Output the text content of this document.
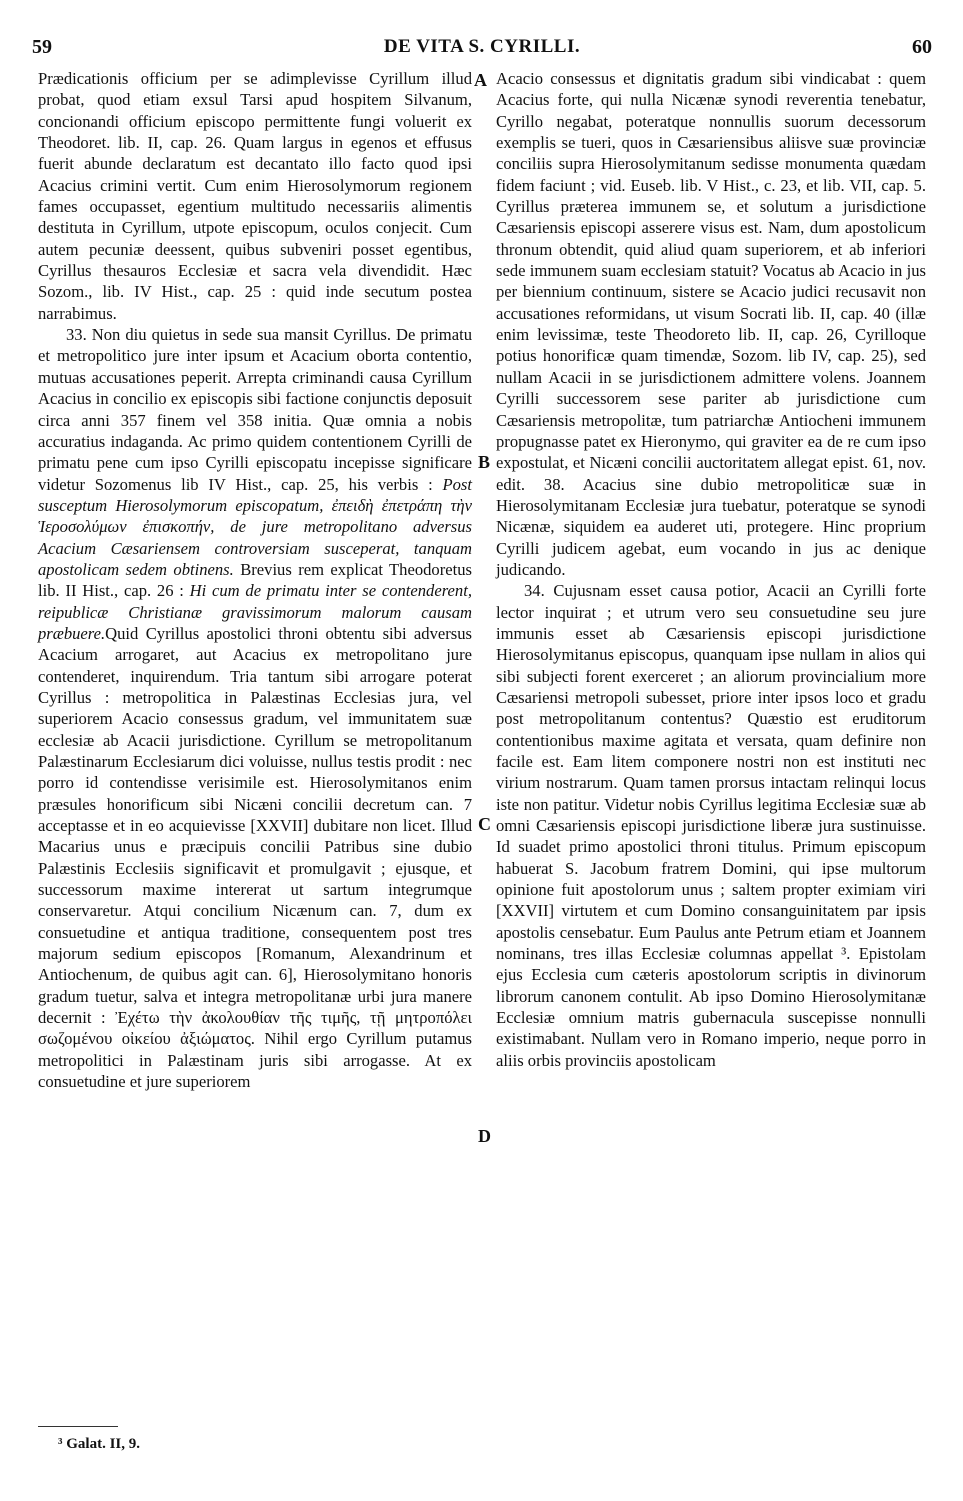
59	DE VITA S. CYRILLI.	60
A
B
C
D

Prædicationis officium per se adimplevisse Cyrillum illud probat, quod etiam exsul Tarsi apud hospitem Silvanum, concionandi officium episcopo permittente fungi voluerit ex Theodoret. lib. II, cap. 26. Quam largus in egenos et effusus fuerit abunde declaratum est decantato illo facto quod ipsi Acacius crimini vertit. Cum enim Hierosolymorum regionem fames occupasset, egentium multitudo necessariis alimentis destituta in Cyrillum, utpote episcopum, oculos conjecit. Cum autem pecuniæ deessent, quibus subveniri posset egentibus, Cyrillus thesauros Ecclesiæ et sacra vela divendidit. Hæc Sozom., lib. IV Hist., cap. 25 : quid inde secutum postea narrabimus.

33. Non diu quietus in sede sua mansit Cyrillus. De primatu et metropolitico jure inter ipsum et Acacium oborta contentio, mutuas accusationes peperit. Arrepta criminandi causa Cyrillum Acacius in concilio ex episcopis sibi factione conjunctis deposuit circa anni 357 finem vel 358 initia. Quæ omnia a nobis accuratius indaganda. Ac primo quidem contentionem Cyrilli de primatu pene cum ipso Cyrilli episcopatu incepisse significare videtur Sozomenus lib IV Hist., cap. 25, his verbis : Post susceptum Hierosolymorum episcopatum, ἐπειδὴ ἐπετράπη τὴν Ἱεροσολύμων ἐπισκοπήν, de jure metropolitano adversus Acacium Cæsariensem controversiam susceperat, tanquam apostolicam sedem obtinens. Brevius rem explicat Theodoretus lib. II Hist., cap. 26 : Hi cum de primatu inter se contenderent, reipublicæ Christianæ gravissimorum malorum causam præbuere.Quid Cyrillus apostolici throni obtentu sibi adversus Acacium arrogaret, aut Acacius ex metropolitano jure contenderet, inquirendum. Tria tantum sibi arrogare poterat Cyrillus : metropolitica in Palæstinas Ecclesias jura, vel superiorem Acacio consessus gradum, vel immunitatem suæ ecclesiæ ab Acacii jurisdictione. Cyrillum se metropolitanum Palæstinarum Ecclesiarum dici voluisse, nullus testis prodit : nec porro id contendisse verisimile est. Hierosolymitanos enim præsules honorificum sibi Nicæni concilii decretum can. 7 acceptasse et in eo acquievisse [XXVII] dubitare non licet. Illud Macarius unus e præcipuis concilii Patribus sine dubio Palæstinis Ecclesiis significavit et promulgavit ; ejusque, et successorum maxime intererat ut sartum integrumque conservaretur. Atqui concilium Nicænum can. 7, dum ex consuetudine et antiqua traditione, consequentem post tres majorum sedium episcopos [Romanum, Alexandrinum et Antiochenum, de quibus agit can. 6], Hierosolymitano honoris gradum tuetur, salva et integra metropolitanæ urbi jura manere decernit : Ἐχέτω τὴν ἀκολουθίαν τῆς τιμῆς, τῇ μητροπόλει σωζομένου οἰκείου ἀξιώματος. Nihil ergo Cyrillum putamus metropolitici in Palæstinam juris sibi arrogasse. At ex consuetudine et jure superiorem

Acacio consessus et dignitatis gradum sibi vindicabat : quem Acacius forte, qui nulla Nicænæ synodi reverentia tenebatur, Cyrillo negabat, poteratque nonnullis suorum decessorum exemplis se tueri, quos in Cæsariensibus aliisve suæ provinciæ conciliis supra Hierosolymitanum sedisse monumenta quædam fidem faciunt ; vid. Euseb. lib. V Hist., c. 23, et lib. VII, cap. 5. Cyrillus præterea immunem se, et solutum a jurisdictione Cæsariensis episcopi asserere visus est. Nam, dum apostolicum thronum obtendit, quid aliud quam superiorem, et ab inferiori sede immunem suam ecclesiam statuit? Vocatus ab Acacio in jus per biennium continuum, sistere se Acacio judici recusavit non accusationes reformidans, ut visum Socrati lib. II, cap. 40 (illæ enim levissimæ, teste Theodoreto lib. II, cap. 26, Cyrilloque potius honorificæ quam timendæ, Sozom. lib IV, cap. 25), sed nullam Acacii in se jurisdictionem admittere volens. Joannem Cyrilli successorem sese pariter ab jurisdictione cum Cæsariensis metropolitæ, tum patriarchæ Antiocheni immunem propugnasse patet ex Hieronymo, qui graviter ea de re cum ipso expostulat, et Nicæni concilii auctoritatem allegat epist. 61, nov. edit. 38. Acacius sine dubio metropoliticæ suæ in Hierosolymitanam Ecclesiæ jura tuebatur, poteratque se synodi Nicænæ, siquidem ea auderet uti, protegere. Hinc proprium Cyrilli judicem agebat, eum vocando in jus ac denique judicando.

34. Cujusnam esset causa potior, Acacii an Cyrilli forte lector inquirat ; et utrum vero seu consuetudine seu jure immunis esset ab Cæsariensis episcopi jurisdictione Hierosolymitanus episcopus, quanquam ipse nullam in alios qui sibi subjecti forent exerceret ; an aliorum provincialium more Cæsariensi metropoli subesset, priore inter ipsos loco et gradu post metropolitanum contentus? Quæstio est eruditorum contentionibus maxime agitata et versata, quam definire non facile est. Eam litem componere nostri non est instituti nec virium nostrarum. Quam tamen prorsus intactam relinqui locus iste non patitur. Videtur nobis Cyrillus legitima Ecclesiæ suæ ab omni Cæsariensis episcopi jurisdictione liberæ jura sustinuisse. Id suadet primo apostolici throni titulus. Primum episcopum habuerat S. Jacobum fratrem Domini, qui ipse multorum opinione fuit apostolorum unus ; saltem propter eximiam viri [XXVII] virtutem et cum Domino consanguinitatem par ipsis apostolis censebatur. Eum Paulus ante Petrum etiam et Joannem nominans, tres illas Ecclesiæ columnas appellat ³. Epistolam ejus Ecclesia cum cæteris apostolorum scriptis in divinorum librorum canonem contulit. Ab ipso Domino Hierosolymitanæ Ecclesiæ omnium matris gubernacula suscepisse nonnulli existimabant. Nullam vero in Romano imperio, neque porro in aliis orbis provinciis apostolicam

³ Galat. II, 9.
